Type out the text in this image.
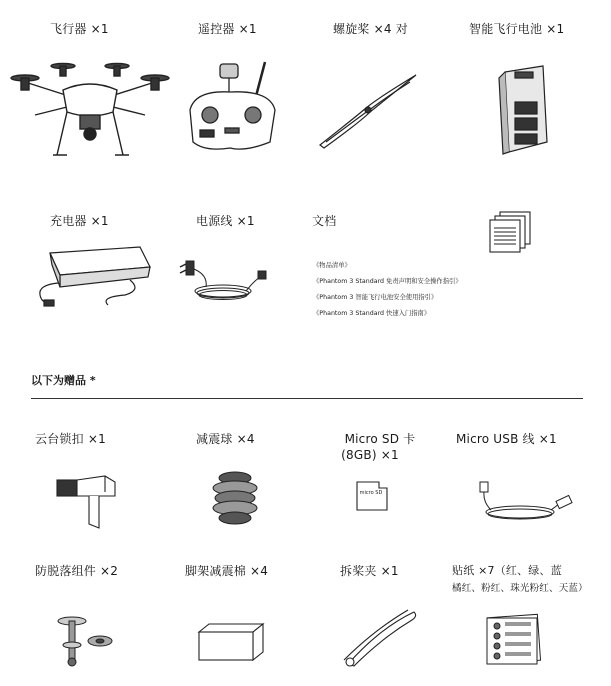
飞行器 ×1	遥控器 ×1	螺旋桨 ×4 对	智能飞行电池 ×1
充电器 ×1	电源线 ×1	文档
《物品清单》
《Phantom 3 Standard 免责声明和安全操作指引》
《Phantom 3 智能飞行电池安全使用指引》
《Phantom 3 Standard 快速入门指南》
以下为赠品 *
云台锁扣 ×1	减震球 ×4	Micro SD 卡
(8GB) ×1
Micro USB 线 ×1
micro SD
防脱落组件 ×2	脚架减震棉 ×4	拆桨夹 ×1	贴纸 ×7（红、绿、蓝
橘红、粉红、珠光粉红、天蓝）
